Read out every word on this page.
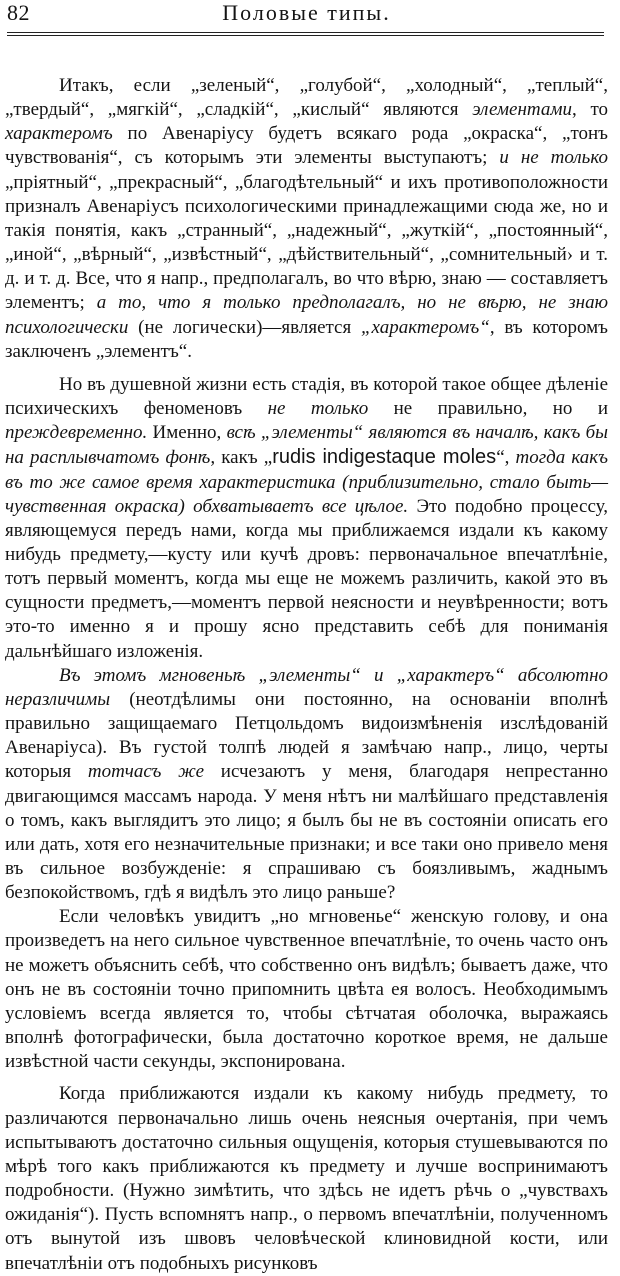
82	Половые типы.

Итакъ, если „зеленый“, „голубой“, „холодный“, „теплый“, „твердый“, „мягкій“, „сладкій“, „кислый“ являются элементами, то характеромъ по Авенаріусу будетъ всякаго рода „окраска“, „тонъ чувствованія“, съ которымъ эти элементы выступаютъ; и не только „пріятный“, „прекрасный“, „благодѣтельный“ и ихъ противоположности призналъ Авенаріусъ психологическими принадлежащими сюда же, но и такія понятія, какъ „странный“, „надежный“, „жуткій“, „постоянный“, „иной“, „вѣрный“, „извѣстный“, „дѣйствительный“, „сомнительный› и т. д. и т. д. Все, что я напр., предполагалъ, во что вѣрю, знаю — составляетъ элементъ; а то, что я только предполагалъ, но не вѣрю, не знаю психологически (не логически)—является „характеромъ“, въ которомъ заключенъ „элементъ“.

Но въ душевной жизни есть стадія, въ которой такое общее дѣленіе психическихъ феноменовъ не только не правильно, но и преждевременно. Именно, всѣ „элементы“ являются въ началѣ, какъ бы на расплывчатомъ фонѣ, какъ „rudis indigestaque moles“, тогда какъ въ то же самое время характеристика (приблизительно, стало быть—чувственная окраска) обхватываетъ все цѣлое. Это подобно процессу, являющемуся передъ нами, когда мы приближаемся издали къ какому нибудь предмету,—кусту или кучѣ дровъ: первоначальное впечатлѣніе, тотъ первый моментъ, когда мы еще не можемъ различить, какой это въ сущности предметъ,—моментъ первой неясности и неувѣренности; вотъ это-то именно я и прошу ясно представить себѣ для пониманія дальнѣйшаго изложенія.

Въ этомъ мгновеньѣ „элементы“ и „характеръ“ абсолютно неразличимы (неотдѣлимы они постоянно, на основаніи вполнѣ правильно защищаемаго Петцольдомъ видоизмѣненія изслѣдованій Авенаріуса). Въ густой толпѣ людей я замѣчаю напр., лицо, черты которыя тотчасъ же исчезаютъ у меня, благодаря непрестанно двигающимся массамъ народа. У меня нѣтъ ни малѣйшаго представленія о томъ, какъ выглядитъ это лицо; я былъ бы не въ состояніи описать его или дать, хотя его незначительные признаки; и все таки оно привело меня въ сильное возбужденіе: я спрашиваю съ боязливымъ, жаднымъ безпокойствомъ, гдѣ я видѣлъ это лицо раньше?

Если человѣкъ увидитъ „но мгновенье“ женскую голову, и она произведетъ на него сильное чувственное впечатлѣніе, то очень часто онъ не можетъ объяснить себѣ, что собственно онъ видѣлъ; бываетъ даже, что онъ не въ состояніи точно припомнить цвѣта ея волосъ. Необходимымъ условіемъ всегда является то, чтобы сѣтчатая оболочка, выражаясь вполнѣ фотографически, была достаточно короткое время, не дальше извѣстной части секунды, экспонирована.

Когда приближаются издали къ какому нибудь предмету, то различаются первоначально лишь очень неясныя очертанія, при чемъ испытываютъ достаточно сильныя ощущенія, которыя стушевываются по мѣрѣ того какъ приближаются къ предмету и лучше воспринимаютъ подробности. (Нужно зимѣтить, что здѣсь не идетъ рѣчь о „чувствахъ ожиданія“). Пусть вспомнятъ напр., о первомъ впечатлѣніи, полученномъ отъ вынутой изъ швовъ человѣческой клиновидной кости, или впечатлѣніи отъ подобныхъ рисунковъ
